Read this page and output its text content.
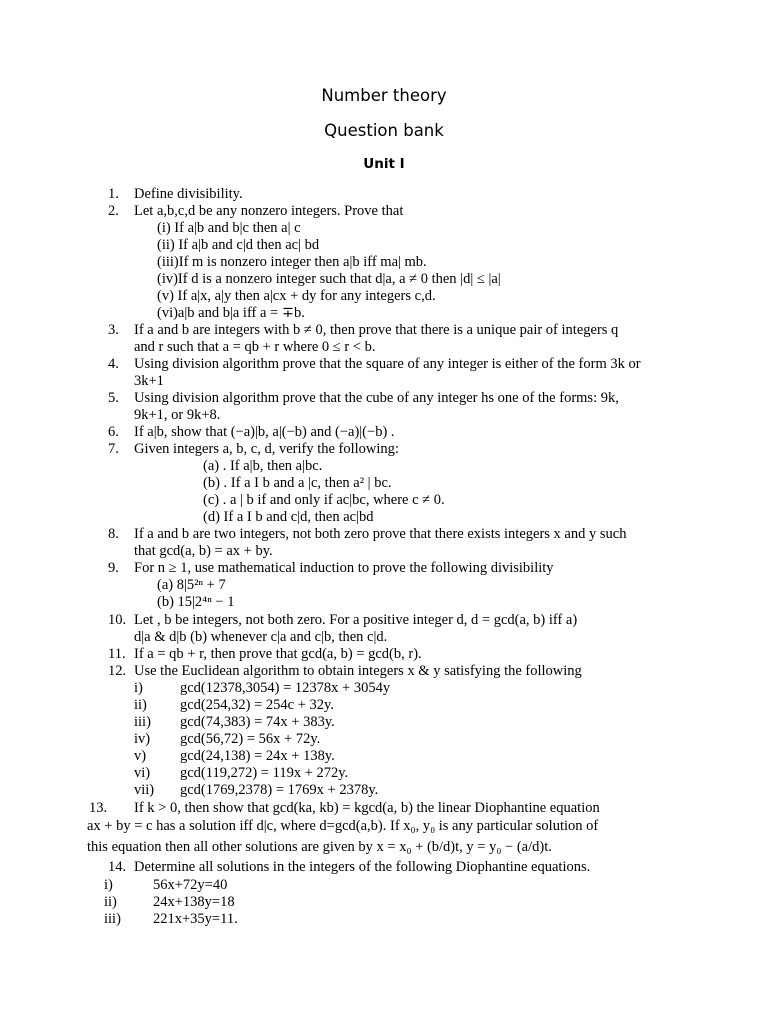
Number theory
Question bank
Unit I
1. Define divisibility.
2. Let a,b,c,d be any nonzero integers. Prove that
(i) If a|b and b|c then a| c
(ii) If a|b and c|d then ac| bd
(iii)If m is nonzero integer then a|b iff ma| mb.
(iv)If d is a nonzero integer such that d|a, a ≠ 0 then |d| ≤ |a|
(v) If a|x, a|y then a|cx + dy for any integers c,d.
(vi)a|b and b|a iff a = ∓b.
3. If a and b are integers with b ≠ 0, then prove that there is a unique pair of integers q
and r such that a = qb + r where 0 ≤ r < b.
4. Using division algorithm prove that the square of any integer is either of the form 3k or
3k+1
5. Using division algorithm prove that the cube of any integer hs one of the forms: 9k,
9k+1, or 9k+8.
6. If a|b, show that (−a)|b, a|(−b) and (−a)|(−b) .
7. Given integers a, b, c, d, verify the following:
(a) . If a|b, then a|bc.
(b) . If a I b and a |c, then a² | bc.
(c) . a | b if and only if ac|bc, where c ≠ 0.
(d) If a I b and c|d, then ac|bd
8. If a and b are two integers, not both zero prove that there exists integers x and y such
that gcd(a, b) = ax + by.
9. For n ≥ 1, use mathematical induction to prove the following divisibility
(a) 8|5²ⁿ + 7
(b) 15|2⁴ⁿ − 1
10. Let , b be integers, not both zero. For a positive integer d, d = gcd(a, b) iff a)
d|a & d|b (b) whenever c|a and c|b, then c|d.
11. If a = qb + r, then prove that gcd(a, b) = gcd(b, r).
12. Use the Euclidean algorithm to obtain integers x & y satisfying the following
i)	gcd(12378,3054) = 12378x + 3054y
ii) gcd(254,32) = 254c + 32y.
iii) gcd(74,383) = 74x + 383y.
iv) gcd(56,72) = 56x + 72y.
v) gcd(24,138) = 24x + 138y.
vi) gcd(119,272) = 119x + 272y.
vii) gcd(1769,2378) = 1769x + 2378y.
13. If k > 0, then show that gcd(ka, kb) = kgcd(a, b) the linear Diophantine equation
ax + by = c has a solution iff d|c, where d=gcd(a,b). If x₀, y₀ is any particular solution of
this equation then all other solutions are given by x = x₀ + (b/d)t, y = y₀ − (a/d)t.
14. Determine all solutions in the integers of the following Diophantine equations.
i)	56x+72y=40
ii) 24x+138y=18
iii) 221x+35y=11.
